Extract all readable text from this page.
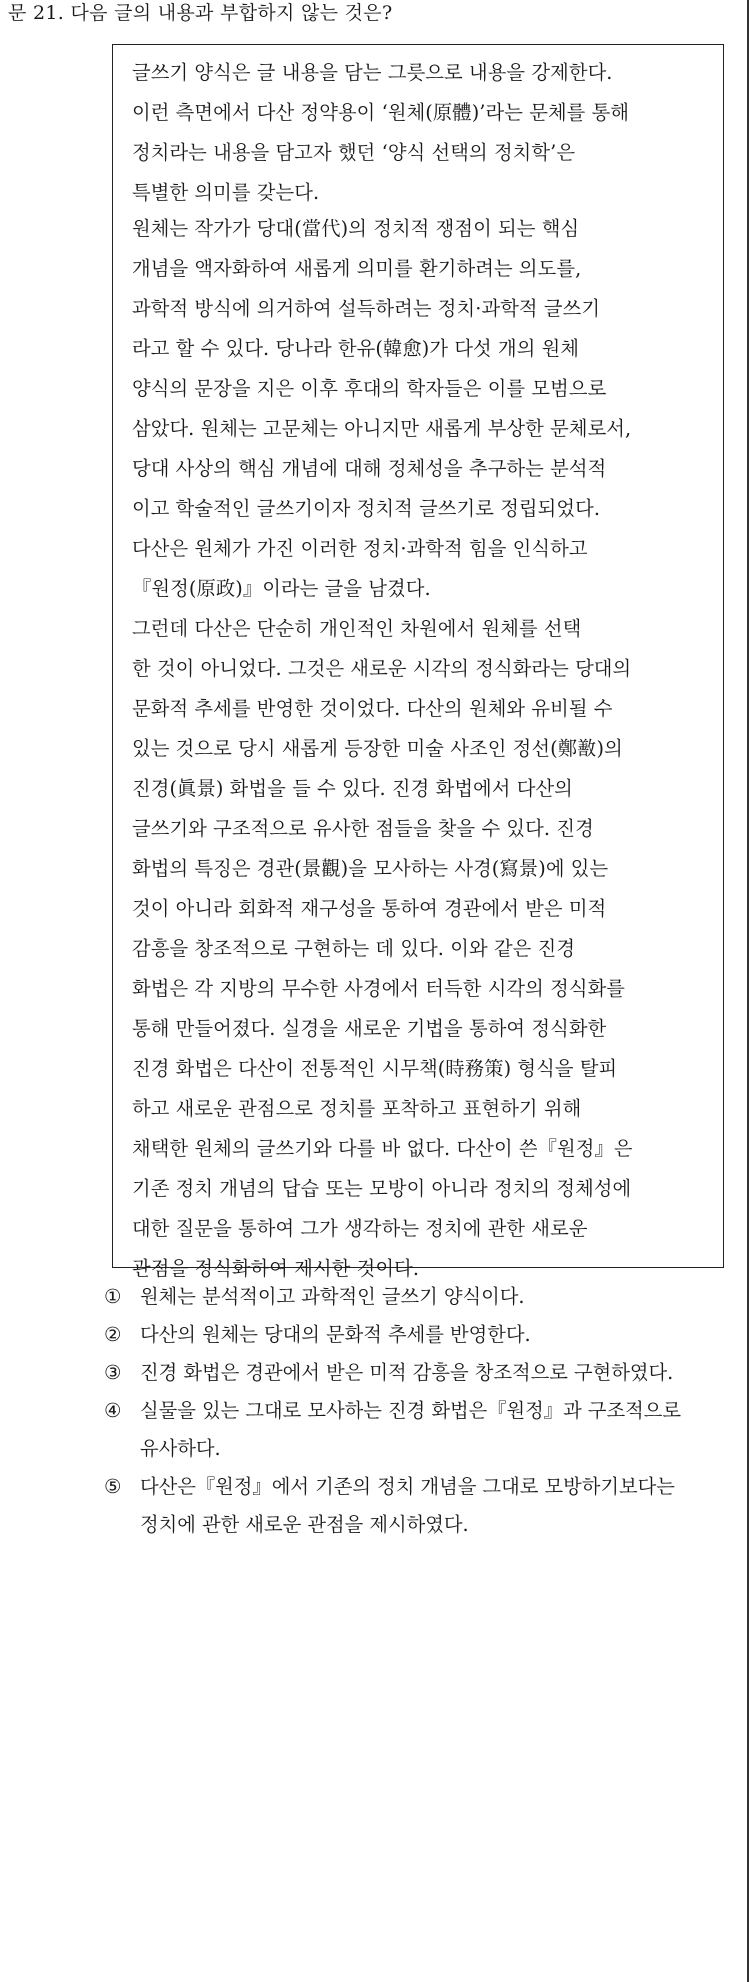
문 21. 다음 글의 내용과 부합하지 않는 것은?

글쓰기 양식은 글 내용을 담는 그릇으로 내용을 강제한다.
이런 측면에서 다산 정약용이 ‘원체(原體)’라는 문체를 통해
정치라는 내용을 담고자 했던 ‘양식 선택의 정치학’은
특별한 의미를 갖는다.

원체는 작가가 당대(當代)의 정치적 쟁점이 되는 핵심
개념을 액자화하여 새롭게 의미를 환기하려는 의도를,
과학적 방식에 의거하여 설득하려는 정치·과학적 글쓰기
라고 할 수 있다. 당나라 한유(韓愈)가 다섯 개의 원체
양식의 문장을 지은 이후 후대의 학자들은 이를 모범으로
삼았다. 원체는 고문체는 아니지만 새롭게 부상한 문체로서,
당대 사상의 핵심 개념에 대해 정체성을 추구하는 분석적
이고 학술적인 글쓰기이자 정치적 글쓰기로 정립되었다.
다산은 원체가 가진 이러한 정치·과학적 힘을 인식하고
『원정(原政)』이라는 글을 남겼다.

그런데 다산은 단순히 개인적인 차원에서 원체를 선택
한 것이 아니었다. 그것은 새로운 시각의 정식화라는 당대의
문화적 추세를 반영한 것이었다. 다산의 원체와 유비될 수
있는 것으로 당시 새롭게 등장한 미술 사조인 정선(鄭敾)의
진경(眞景) 화법을 들 수 있다. 진경 화법에서 다산의
글쓰기와 구조적으로 유사한 점들을 찾을 수 있다. 진경
화법의 특징은 경관(景觀)을 모사하는 사경(寫景)에 있는
것이 아니라 회화적 재구성을 통하여 경관에서 받은 미적
감흥을 창조적으로 구현하는 데 있다. 이와 같은 진경
화법은 각 지방의 무수한 사경에서 터득한 시각의 정식화를
통해 만들어졌다. 실경을 새로운 기법을 통하여 정식화한
진경 화법은 다산이 전통적인 시무책(時務策) 형식을 탈피
하고 새로운 관점으로 정치를 포착하고 표현하기 위해
채택한 원체의 글쓰기와 다를 바 없다. 다산이 쓴『원정』은
기존 정치 개념의 답습 또는 모방이 아니라 정치의 정체성에
대한 질문을 통하여 그가 생각하는 정치에 관한 새로운
관점을 정식화하여 제시한 것이다.

① 원체는 분석적이고 과학적인 글쓰기 양식이다.
② 다산의 원체는 당대의 문화적 추세를 반영한다.
③ 진경 화법은 경관에서 받은 미적 감흥을 창조적으로 구현하였다.
④ 실물을 있는 그대로 모사하는 진경 화법은『원정』과 구조적으로
유사하다.
⑤ 다산은『원정』에서 기존의 정치 개념을 그대로 모방하기보다는
정치에 관한 새로운 관점을 제시하였다.
